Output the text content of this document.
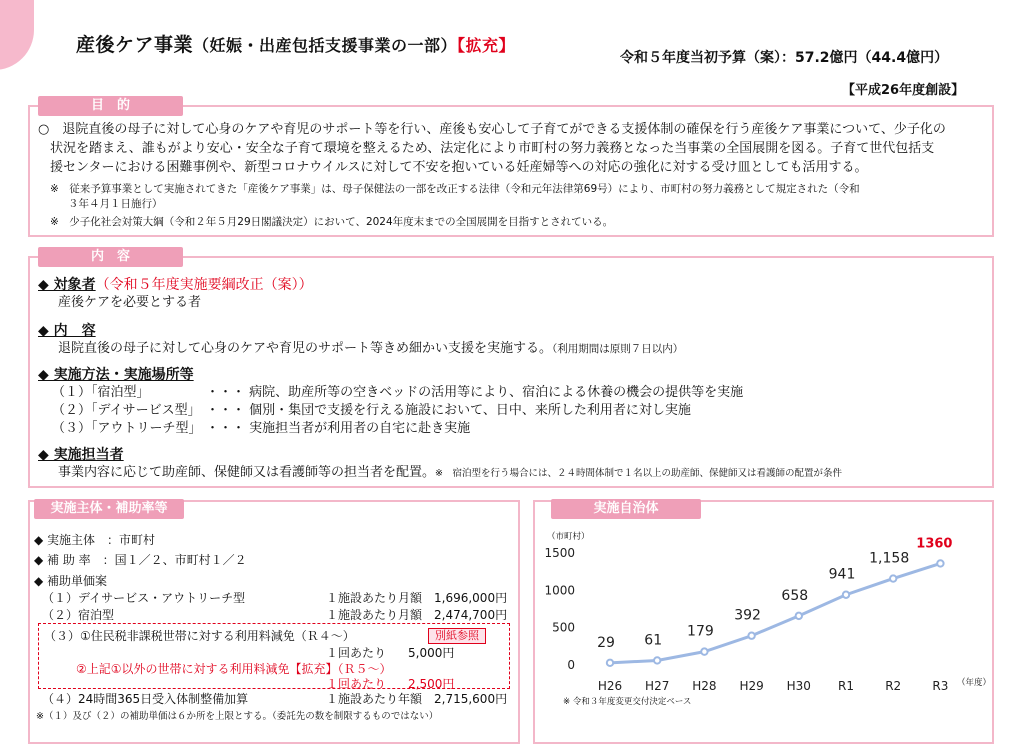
産後ケア事業（妊娠・出産包括支援事業の一部）【拡充】
令和５年度当初予算（案）：57.2億円（44.4億円）
【平成26年度創設】
目　的
○　退院直後の母子に対して心身のケアや育児のサポート等を行い、産後も安心して子育てができる支援体制の確保を行う産後ケア事業について、少子化の
状況を踏まえ、誰もがより安心・安全な子育て環境を整えるため、法定化により市町村の努力義務となった当事業の全国展開を図る。子育て世代包括支
援センターにおける困難事例や、新型コロナウイルスに対して不安を抱いている妊産婦等への対応の強化に対する受け皿としても活用する。
※　従来予算事業として実施されてきた「産後ケア事業」は、母子保健法の一部を改正する法律（令和元年法律第69号）により、市町村の努力義務として規定された（令和
３年４月１日施行）
※　少子化社会対策大綱（令和２年５月29日閣議決定）において、2024年度末までの全国展開を目指すとされている。
内　容
◆ 対象者（令和５年度実施要綱改正（案））
産後ケアを必要とする者
◆ 内　容
退院直後の母子に対して心身のケアや育児のサポート等きめ細かい支援を実施する。（利用期間は原則７日以内）
◆ 実施方法・実施場所等
（１）「宿泊型」	・・・ 病院、助産所等の空きベッドの活用等により、宿泊による休養の機会の提供等を実施
（２）「デイサービス型」 ・・・ 個別・集団で支援を行える施設において、日中、来所した利用者に対し実施
（３）「アウトリーチ型」 ・・・ 実施担当者が利用者の自宅に赴き実施
◆ 実施担当者
事業内容に応じて助産師、保健師又は看護師等の担当者を配置。※　宿泊型を行う場合には、２４時間体制で１名以上の助産師、保健師又は看護師の配置が条件
実施主体・補助率等
◆ 実施主体　：市町村
◆ 補 助 率　：国１／２、市町村１／２
◆ 補助単価案
（１）デイサービス・アウトリーチ型	１施設あたり月額 1,696,000円
（２）宿泊型	１施設あたり月額 2,474,700円
（３）①住民税非課税世帯に対する利用料減免（Ｒ４～）	別紙参照
１回あたり 5,000円
②上記①以外の世帯に対する利用料減免【拡充】（Ｒ５～）
１回あたり 2,500円
（４）24時間365日受入体制整備加算	１施設あたり年額 2,715,600円
※（１）及び（２）の補助単価は６か所を上限とする。（委託先の数を制限するものではない）
実施自治体
（市町村）
0
500
1000
1500
29
H26
61
H27
179
H28
392
H29
658
H30
941
R1
1,158
R2
1360
R3 （年度）
※ 令和３年度変更交付決定ベース
